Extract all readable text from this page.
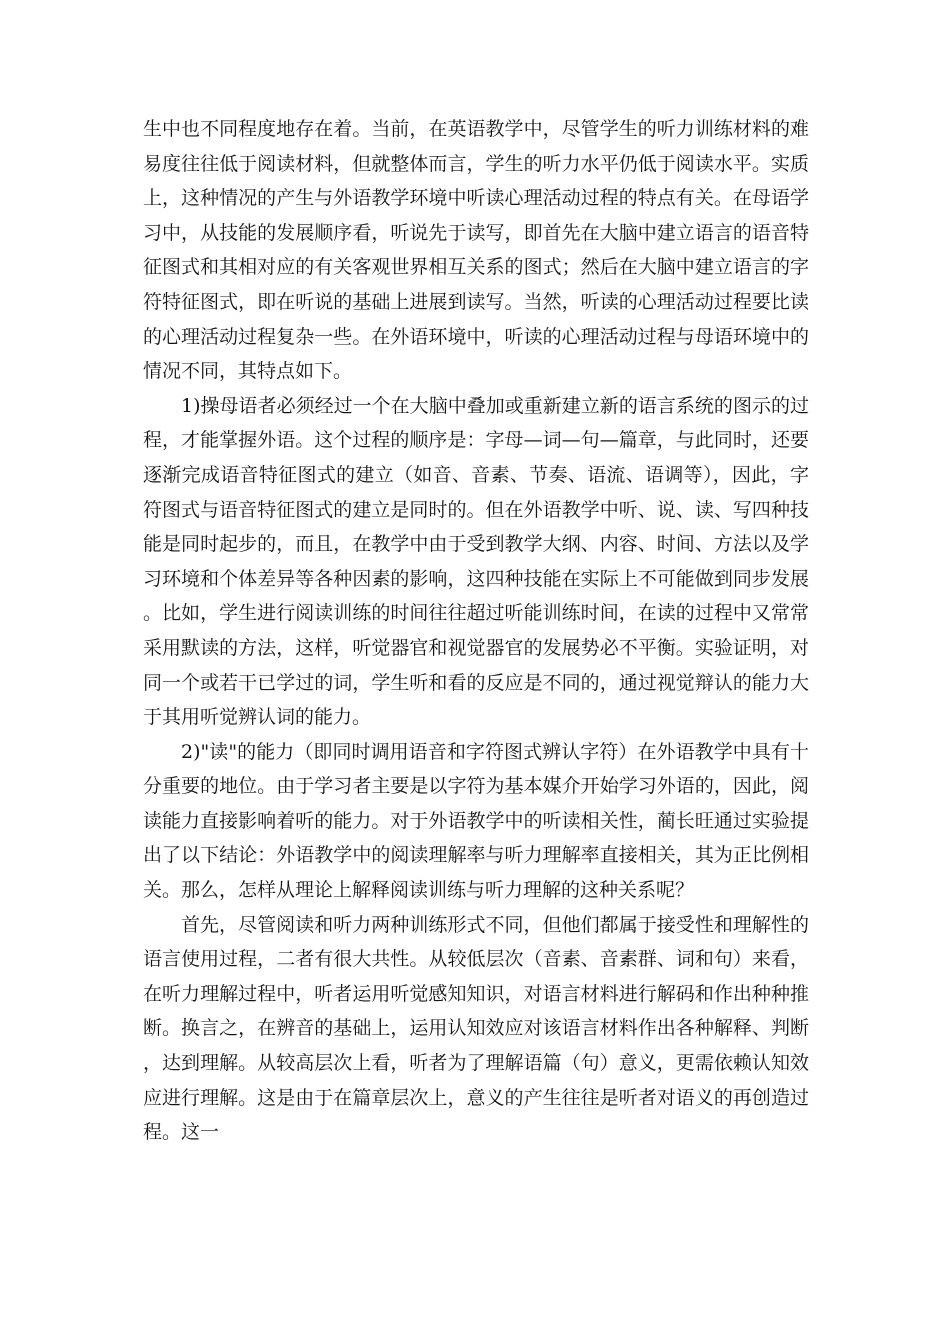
生中也不同程度地存在着。当前，在英语教学中，尽管学生的听力训练材料的难易度往往低于阅读材料，但就整体而言，学生的听力水平仍低于阅读水平。实质上，这种情况的产生与外语教学环境中听读心理活动过程的特点有关。在母语学习中，从技能的发展顺序看，听说先于读写，即首先在大脑中建立语言的语音特征图式和其相对应的有关客观世界相互关系的图式；然后在大脑中建立语言的字符特征图式，即在听说的基础上进展到读写。当然，听读的心理活动过程要比读的心理活动过程复杂一些。在外语环境中，听读的心理活动过程与母语环境中的情况不同，其特点如下。

1)操母语者必须经过一个在大脑中叠加或重新建立新的语言系统的图示的过程，才能掌握外语。这个过程的顺序是：字母—词—句—篇章，与此同时，还要逐渐完成语音特征图式的建立（如音、音素、节奏、语流、语调等），因此，字符图式与语音特征图式的建立是同时的。但在外语教学中听、说、读、写四种技能是同时起步的，而且，在教学中由于受到教学大纲、内容、时间、方法以及学习环境和个体差异等各种因素的影响，这四种技能在实际上不可能做到同步发展。比如，学生进行阅读训练的时间往往超过听能训练时间，在读的过程中又常常采用默读的方法，这样，听觉器官和视觉器官的发展势必不平衡。实验证明，对同一个或若干已学过的词，学生听和看的反应是不同的，通过视觉辩认的能力大于其用听觉辨认词的能力。

2)"读"的能力（即同时调用语音和字符图式辨认字符）在外语教学中具有十分重要的地位。由于学习者主要是以字符为基本媒介开始学习外语的，因此，阅读能力直接影响着听的能力。对于外语教学中的听读相关性，蔺长旺通过实验提出了以下结论：外语教学中的阅读理解率与听力理解率直接相关，其为正比例相关。那么，怎样从理论上解释阅读训练与听力理解的这种关系呢？

首先，尽管阅读和听力两种训练形式不同，但他们都属于接受性和理解性的语言使用过程，二者有很大共性。从较低层次（音素、音素群、词和句）来看，在听力理解过程中，听者运用听觉感知知识，对语言材料进行解码和作出种种推断。换言之，在辨音的基础上，运用认知效应对该语言材料作出各种解释、判断，达到理解。从较高层次上看，听者为了理解语篇（句）意义，更需依赖认知效应进行理解。这是由于在篇章层次上，意义的产生往往是听者对语义的再创造过程。这一
